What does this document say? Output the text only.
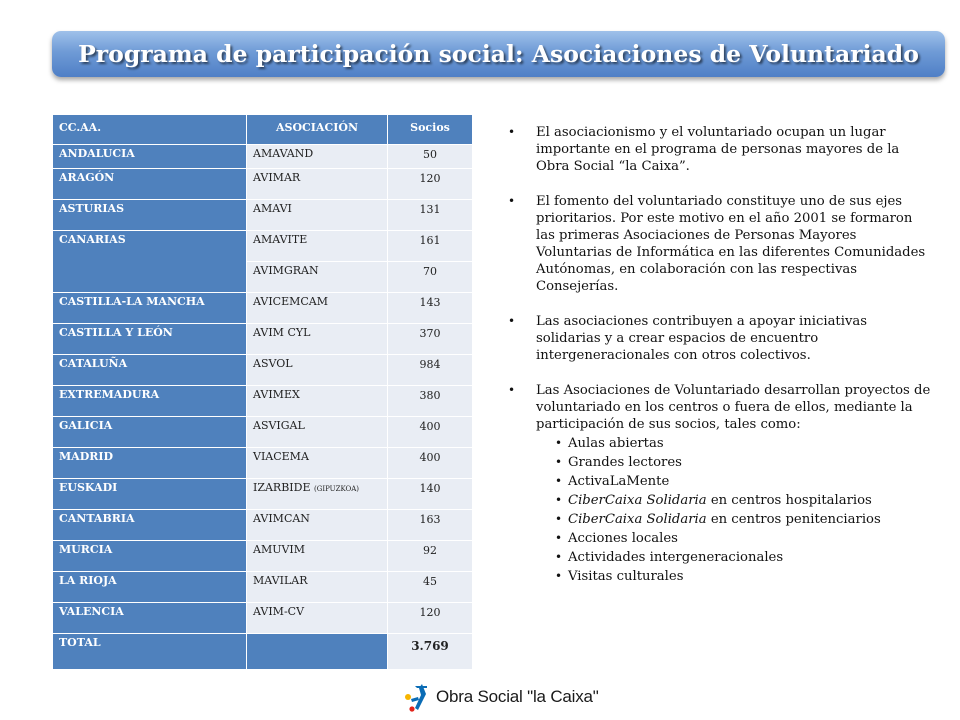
Programa de participación social: Asociaciones de Voluntariado
CC.AA.	ASOCIACIÓN	Socios
ANDALUCIA	AMAVAND	50
ARAGÓN	AVIMAR	120
ASTURIAS	AMAVI	131
CANARIAS	AMAVITE	161
	AVIMGRAN	70
CASTILLA-LA MANCHA	AVICEMCAM	143
CASTILLA Y LEÓN	AVIM CYL	370
CATALUÑA	ASVOL	984
EXTREMADURA	AVIMEX	380
GALICIA	ASVIGAL	400
MADRID	VIACEMA	400
EUSKADI	IZARBIDE (GIPUZKOA)	140
CANTABRIA	AVIMCAN	163
MURCIA	AMUVIM	92
LA RIOJA	MAVILAR	45
VALENCIA	AVIM-CV	120
TOTAL		3.769
• El asociacionismo y el voluntariado ocupan un lugar importante en el programa de personas mayores de la Obra Social “la Caixa”.
• El fomento del voluntariado constituye uno de sus ejes prioritarios. Por este motivo en el año 2001 se formaron las primeras Asociaciones de Personas Mayores Voluntarias de Informática en las diferentes Comunidades Autónomas, en colaboración con las respectivas Consejerías.
• Las asociaciones contribuyen a apoyar iniciativas solidarias y a crear espacios de encuentro intergeneracionales con otros colectivos.
• Las Asociaciones de Voluntariado desarrollan proyectos de voluntariado en los centros o fuera de ellos, mediante la participación de sus socios, tales como:
• Aulas abiertas
• Grandes lectores
• ActivaLaMente
• CiberCaixa Solidaria en centros hospitalarios
• CiberCaixa Solidaria en centros penitenciarios
• Acciones locales
• Actividades intergeneracionales
• Visitas culturales
Obra Social "la Caixa"
